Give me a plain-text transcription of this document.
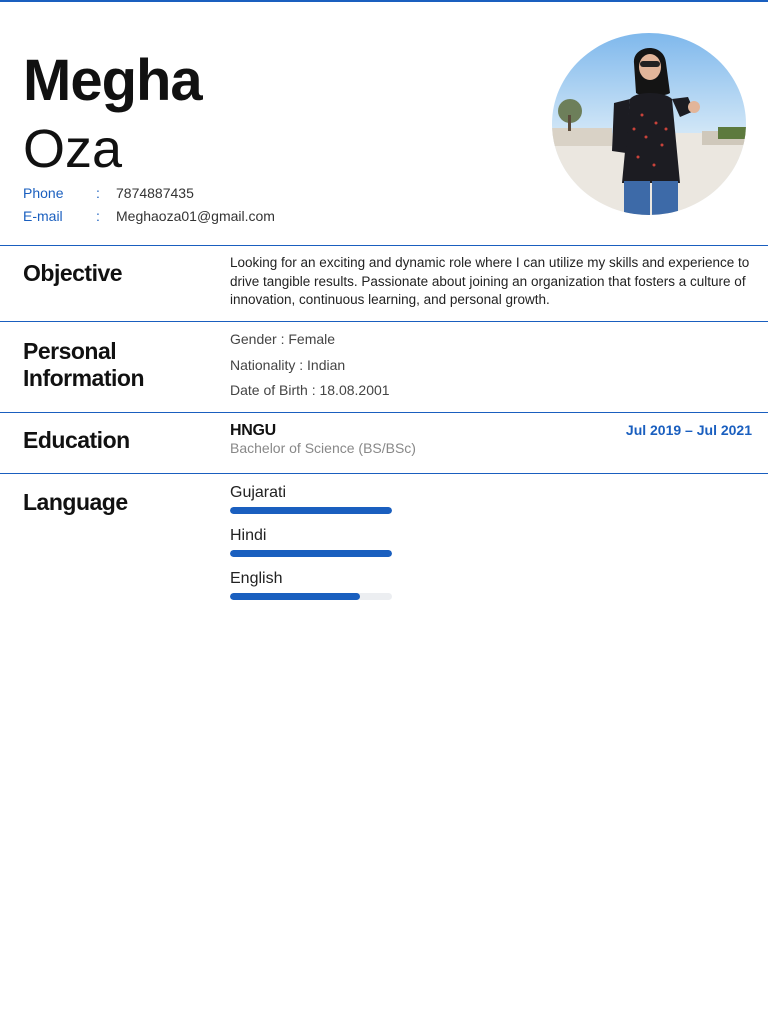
Megha
Oza
Phone	: 7874887435
E-mail	: Meghaoza01@gmail.com
Objective	Looking for an exciting and dynamic role where I can utilize my skills and experience to drive tangible results. Passionate about joining an organization that fosters a culture of innovation, continuous learning, and personal growth.
Personal Information
Gender : Female
Nationality : Indian
Date of Birth : 18.08.2001
Education	HNGU
Bachelor of Science (BS/BSc)
Jul 2019 – Jul 2021
Language	Gujarati
Hindi
English
